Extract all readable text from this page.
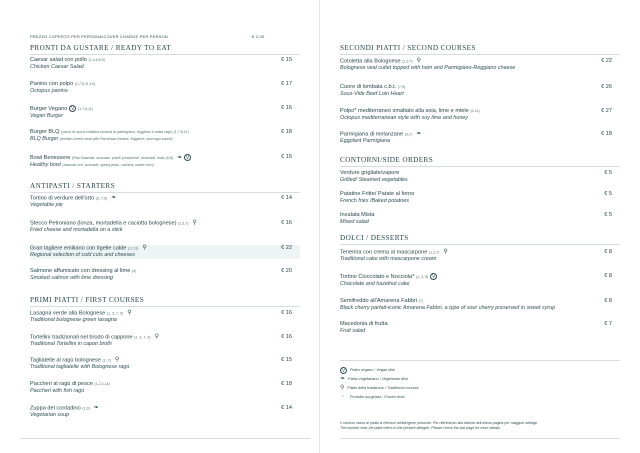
PREZZO COPERTO PER PERSONA/COVER CHARGE PER PERSON	€ 2,00
PRONTI DA GUSTARE / READY TO EAT
Caesar salad con pollo (1,4,6,8,9)
Chicken Caesar Salad
€ 15
Panino con polpo (1,7,8,11,14)
Octopus panino
€ 17
Burger Vegano V (1,7,8,11)
Vegan Burger
€ 16
Burger BLQ (carne di razza emiliana fonduta di parmigiano, friggitore e salsa ragù) (1,7,8,11)
BLQ Burger (emilian breed meat with Parmesan fondue, friggitore, and ragù sauce)
€ 18
Bowl Benessere (Riso Basmati, avocado, piselli primavera*, anacardi, mais (6,8) ❧ V
Healthy bowl (basmati rice, avocado, spring peas, cashew, sweet corn)
€ 15
ANTIPASTI / STARTERS
Tortino di verdure dell'orto (3, 7,9) ❧
Vegetable pie
€ 14
Stecco Petroniano (lonza, mortadella e caciotta bolognese) (1,3,7) ⚲
Fried cheese and mortadella on a stick
€ 16
Gran tagliere emiliano con tigelle calde (1,7,9) ⚲
Regional selection of cold cuts and cheeses
€ 22
Salmone affumicato con dressing al lime (4)
Smoked salmon with lime dressing
€ 20
PRIMI PIATTI / FIRST COURSES
Lasagna verde alla Bolognese (1, 3, 7, 9) ⚲
Traditional bolognese green lasagna
€ 16
Tortellini tradizionali nel brodo di cappone (1, 3, 7, 9) ⚲
Traditional Tortellini in capon broth
€ 16
Tagliatelle al ragù bolognese (1, 7) ⚲
Traditional tagliatelle with Bolognese ragù
€ 15
Paccheri al ragù di pesce (1,2,4,14)
Paccheri with fish ragù
€ 18
Zuppa del contadino (1,9) ❧
Vegetarian soup
€ 14
SECONDI PIATTI / SECOND COURSES
Cotoletta alla Bolognese (1,3,7) ⚲
Bolognese veal cutlet topped with ham and Parmigiano-Reggiano cheese
€ 22
Cuore di lombata c.b.t. (7,9)
Sous-Vide Beef Loin Heart
€ 26
Polpo* mediterraneo smaltato alla soia, lime e miele (6,14)
Octopus mediterranean style with soy lime and honey
€ 27
Parmigiana di melanzane (3,7) ❧
Eggplant Parmigiana
€ 18
CONTORNI/SIDE ORDERS
Verdure grigliate/vapore
Grilled/ Steamed vegetables
€ 5
Patatine Fritte/ Patate al forno
French fries /Baked potatoes
€ 5
Insalata Mista
Mixed salad
€ 5
DOLCI / DESSERTS
Tenerina con crema al mascarpone (1,3,7) ⚲
Traditional cake with mascarpone cream
€ 8
Tortino Cioccolato e Nocciola* (1, 3, 8) V
Chocolate and hazelnut cake
€ 8
Semifreddo all'Amarena Fabbri (7)
Black cherry parfait-iconic Amarena Fabbri, a type of sour cherry preserved in sweet syrup
€ 8
Macedonia di frutta
Fruit salad
€ 7
V Piatto vegano / Vegan dish
❧ Piatto vegetariano / Vegetarian dish
⚲ Piatto della tradizione / Traditional courses
* Prodotto surgelato / Frozen food
Il numero vicino al piatto si riferisce all'allergene presente. Per riferimento alla tabella dell'ultima pagina per maggiori dettagli.
The number near the plate refers to the present allergen. Please check the last page for more details.
